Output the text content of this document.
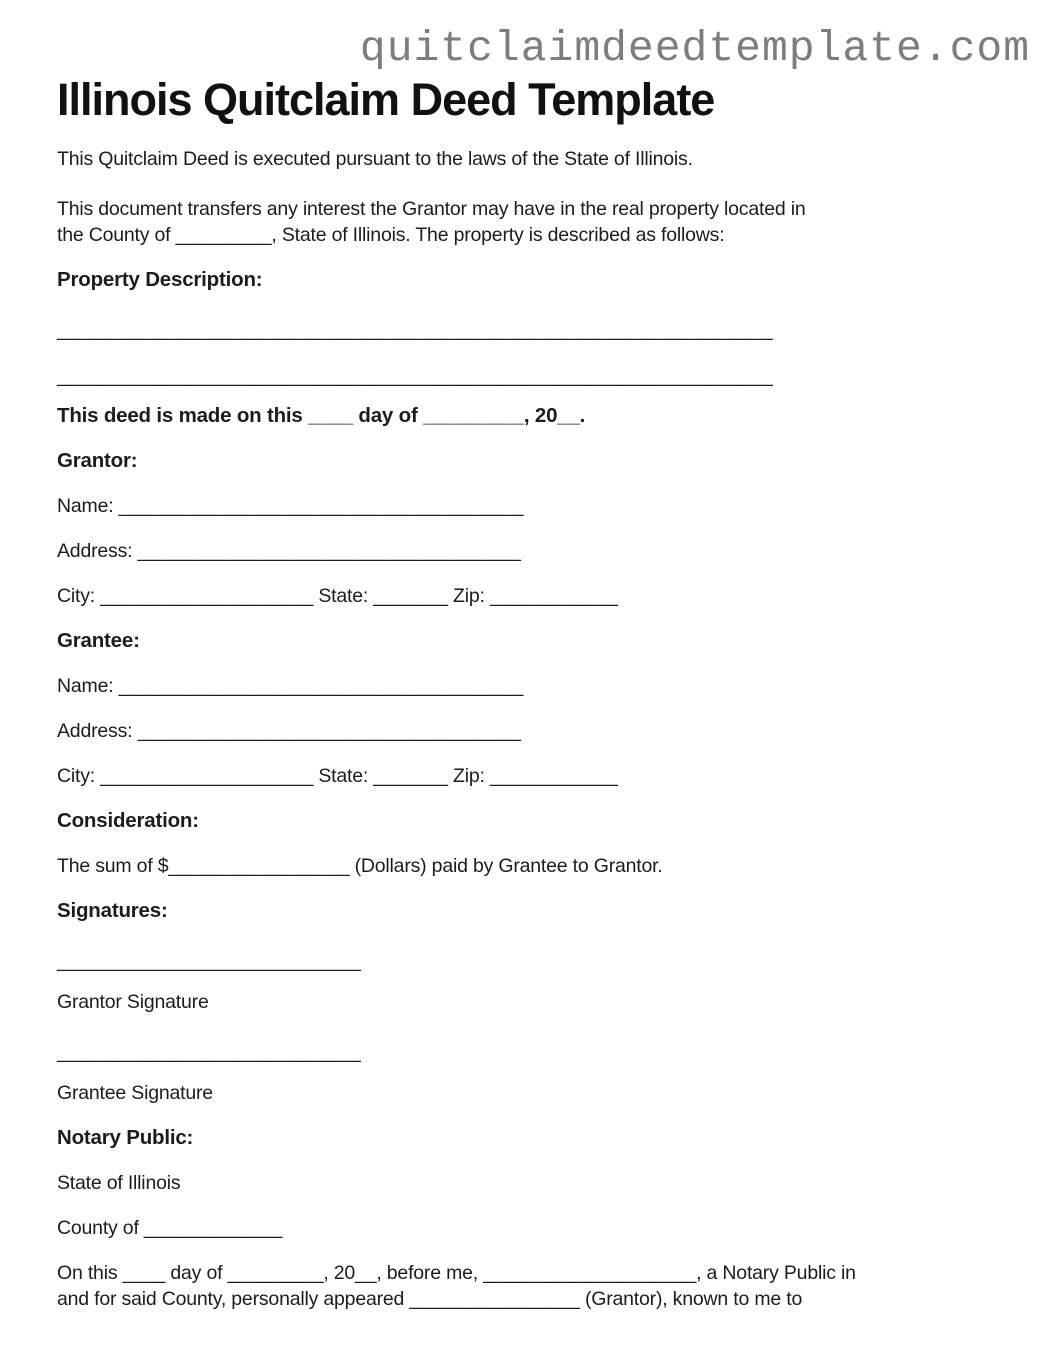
quitclaimdeedtemplate.com
Illinois Quitclaim Deed Template
This Quitclaim Deed is executed pursuant to the laws of the State of Illinois.
This document transfers any interest the Grantor may have in the real property located in
the County of _________, State of Illinois. The property is described as follows:
Property Description:
__________________________________________________________________
__________________________________________________________________
This deed is made on this ____ day of _________, 20__.
Grantor:
Name: ______________________________________
Address: ____________________________________
City: ____________________ State: _______ Zip: ____________
Grantee:
Name: ______________________________________
Address: ____________________________________
City: ____________________ State: _______ Zip: ____________
Consideration:
The sum of $_________________ (Dollars) paid by Grantee to Grantor.
Signatures:
____________________________
Grantor Signature
____________________________
Grantee Signature
Notary Public:
State of Illinois
County of _____________
On this ____ day of _________, 20__, before me, ____________________, a Notary Public in
and for said County, personally appeared ________________ (Grantor), known to me to
